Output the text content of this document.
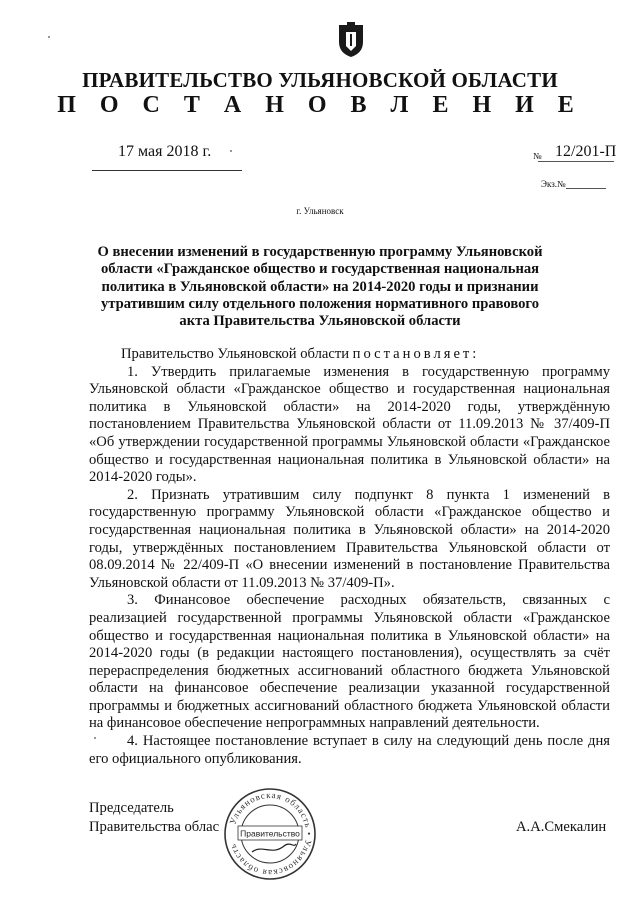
ПРАВИТЕЛЬСТВО УЛЬЯНОВСКОЙ ОБЛАСТИ
П О С Т А Н О В Л Е Н И Е
17 мая 2018 г.	№ 12/201-П
Экз.№
г. Ульяновск
О внесении изменений в государственную программу Ульяновской области «Гражданское общество и государственная национальная политика в Ульяновской области» на 2014-2020 годы и признании утратившим силу отдельного положения нормативного правового акта Правительства Ульяновской области

Правительство Ульяновской области постановляет:

1. Утвердить прилагаемые изменения в государственную программу Ульяновской области «Гражданское общество и государственная национальная политика в Ульяновской области» на 2014-2020 годы, утверждённую постановлением Правительства Ульяновской области от 11.09.2013 № 37/409-П «Об утверждении государственной программы Ульяновской области «Гражданское общество и государственная национальная политика в Ульяновской области» на 2014-2020 годы».

2. Признать утратившим силу подпункт 8 пункта 1 изменений в государственную программу Ульяновской области «Гражданское общество и государственная национальная политика в Ульяновской области» на 2014-2020 годы, утверждённых постановлением Правительства Ульяновской области от 08.09.2014 № 22/409-П «О внесении изменений в постановление Правительства Ульяновской области от 11.09.2013 № 37/409-П».

3. Финансовое обеспечение расходных обязательств, связанных с реализацией государственной программы Ульяновской области «Гражданское общество и государственная национальная политика в Ульяновской области» на 2014-2020 годы (в редакции настоящего постановления), осуществлять за счёт перераспределения бюджетных ассигнований областного бюджета Ульяновской области на финансовое обеспечение реализации указанной государственной программы и бюджетных ассигнований областного бюджета Ульяновской области на финансовое обеспечение непрограммных направлений деятельности.

4. Настоящее постановление вступает в силу на следующий день после дня его официального опубликования.

Председатель
Правительства облас	А.А.Смекалин
Ульяновская область • Ульяновская область
Правительство
